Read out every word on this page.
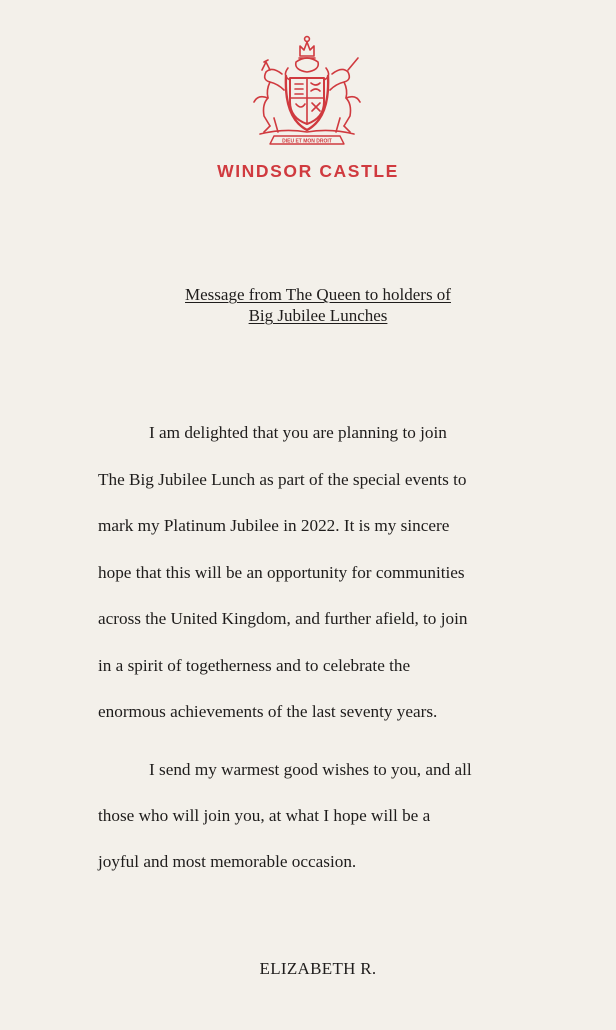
DIEU ET MON DROIT
WINDSOR CASTLE
Message from The Queen to holders of
Big Jubilee Lunches
I am delighted that you are planning to join
The Big Jubilee Lunch as part of the special events to
mark my Platinum Jubilee in 2022. It is my sincere
hope that this will be an opportunity for communities
across the United Kingdom, and further afield, to join
in a spirit of togetherness and to celebrate the
enormous achievements of the last seventy years.
I send my warmest good wishes to you, and all
those who will join you, at what I hope will be a
joyful and most memorable occasion.
ELIZABETH R.
